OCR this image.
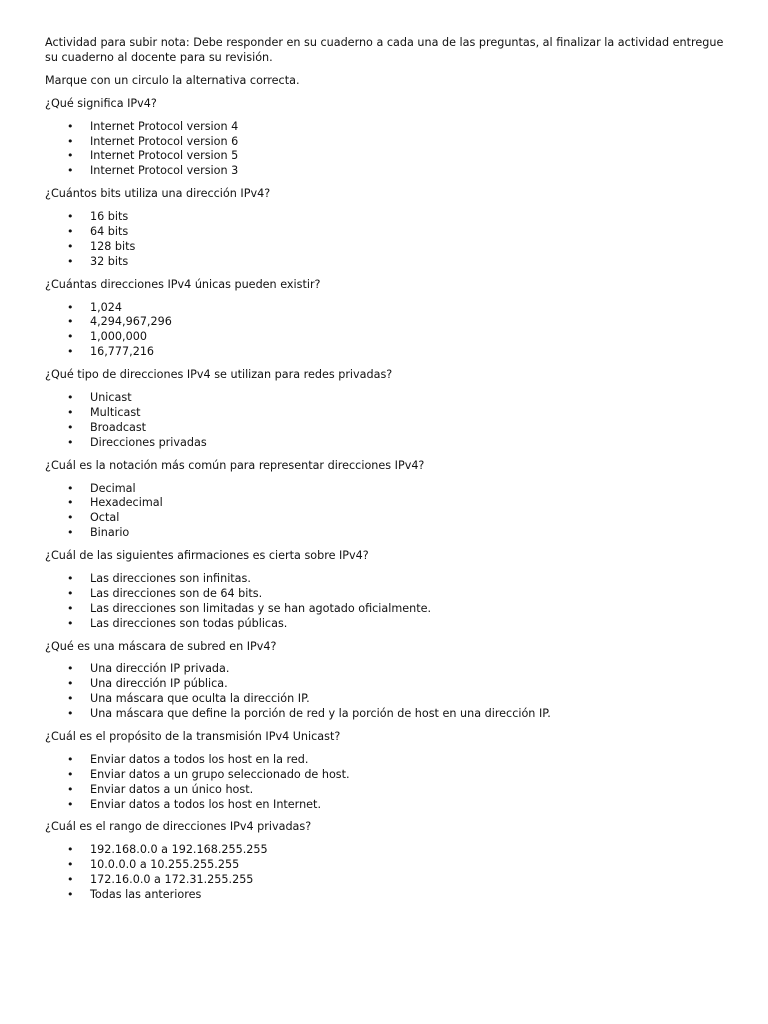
Actividad para subir nota: Debe responder en su cuaderno a cada una de las preguntas, al finalizar la actividad entregue su cuaderno al docente para su revisión.

Marque con un circulo la alternativa correcta.

¿Qué significa IPv4?

• Internet Protocol version 4
• Internet Protocol version 6
• Internet Protocol version 5
• Internet Protocol version 3

¿Cuántos bits utiliza una dirección IPv4?

• 16 bits
• 64 bits
• 128 bits
• 32 bits

¿Cuántas direcciones IPv4 únicas pueden existir?

• 1,024
• 4,294,967,296
• 1,000,000
• 16,777,216

¿Qué tipo de direcciones IPv4 se utilizan para redes privadas?

• Unicast
• Multicast
• Broadcast
• Direcciones privadas

¿Cuál es la notación más común para representar direcciones IPv4?

• Decimal
• Hexadecimal
• Octal
• Binario

¿Cuál de las siguientes afirmaciones es cierta sobre IPv4?

• Las direcciones son infinitas.
• Las direcciones son de 64 bits.
• Las direcciones son limitadas y se han agotado oficialmente.
• Las direcciones son todas públicas.

¿Qué es una máscara de subred en IPv4?

• Una dirección IP privada.
• Una dirección IP pública.
• Una máscara que oculta la dirección IP.
• Una máscara que define la porción de red y la porción de host en una dirección IP.

¿Cuál es el propósito de la transmisión IPv4 Unicast?

• Enviar datos a todos los host en la red.
• Enviar datos a un grupo seleccionado de host.
• Enviar datos a un único host.
• Enviar datos a todos los host en Internet.

¿Cuál es el rango de direcciones IPv4 privadas?

• 192.168.0.0 a 192.168.255.255
• 10.0.0.0 a 10.255.255.255
• 172.16.0.0 a 172.31.255.255
• Todas las anteriores
